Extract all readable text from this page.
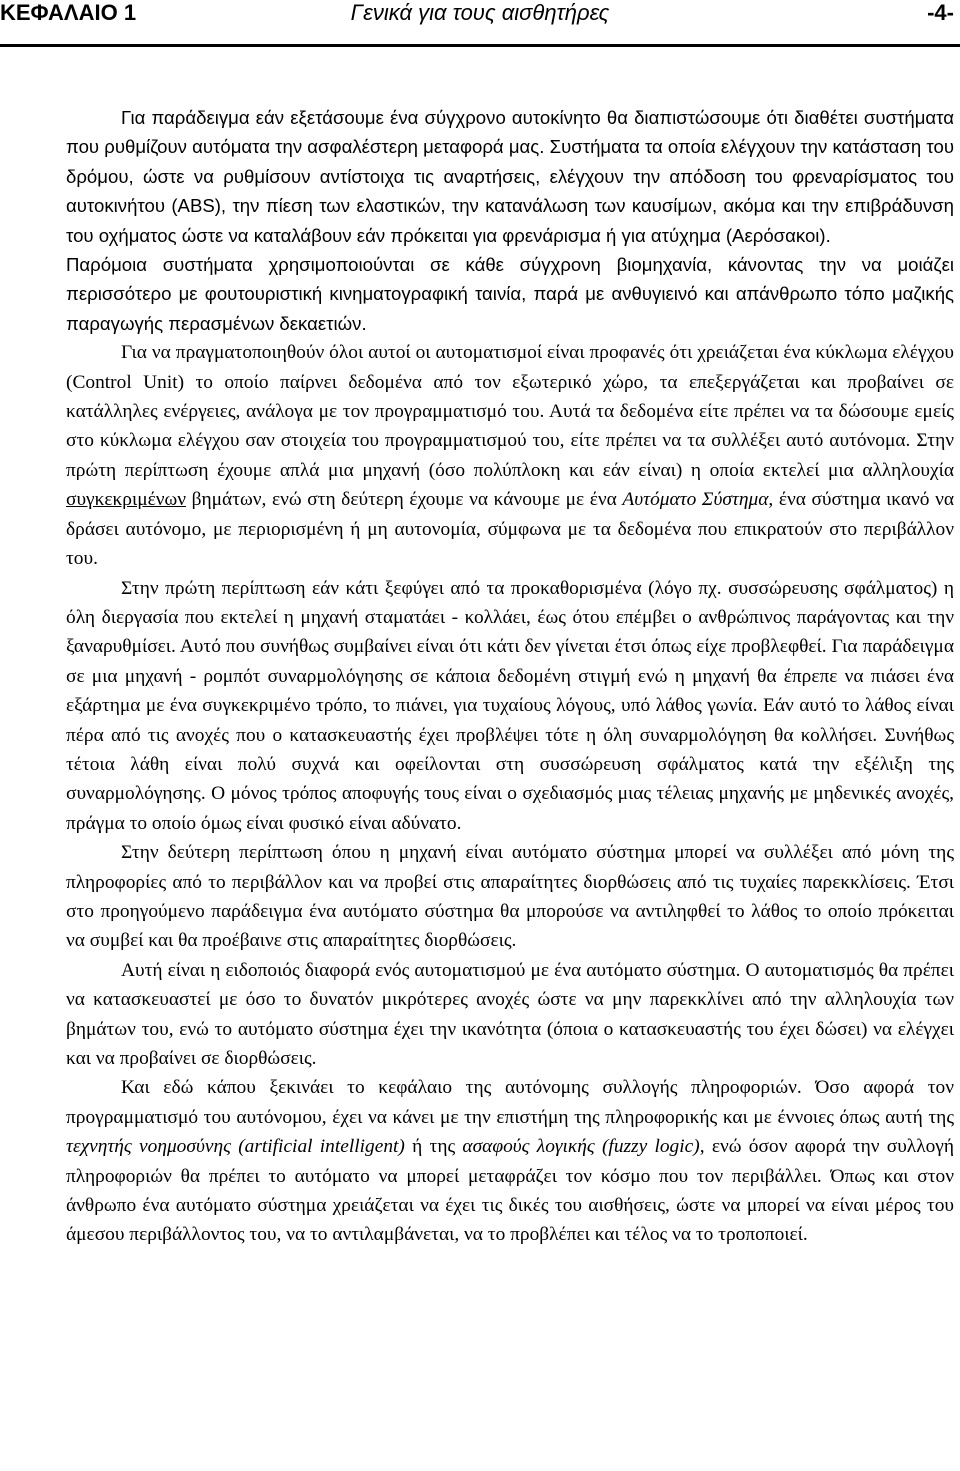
ΚΕΦΑΛΑΙΟ 1	Γενικά για τους αισθητήρες	-4-

Για παράδειγμα εάν εξετάσουμε ένα σύγχρονο αυτοκίνητο θα διαπιστώσουμε ότι διαθέτει συστήματα που ρυθμίζουν αυτόματα την ασφαλέστερη μεταφορά μας. Συστήματα τα οποία ελέγχουν την κατάσταση του δρόμου, ώστε να ρυθμίσουν αντίστοιχα τις αναρτήσεις, ελέγχουν την απόδοση του φρεναρίσματος του αυτοκινήτου (ABS), την πίεση των ελαστικών, την κατανάλωση των καυσίμων, ακόμα και την επιβράδυνση του οχήματος ώστε να καταλάβουν εάν πρόκειται για φρενάρισμα ή για ατύχημα (Αερόσακοι).

Παρόμοια συστήματα χρησιμοποιούνται σε κάθε σύγχρονη βιομηχανία, κάνοντας την να μοιάζει περισσότερο με φουτουριστική κινηματογραφική ταινία, παρά με ανθυγιεινό και απάνθρωπο τόπο μαζικής παραγωγής περασμένων δεκαετιών.

Για να πραγματοποιηθούν όλοι αυτοί οι αυτοματισμοί είναι προφανές ότι χρειάζεται ένα κύκλωμα ελέγχου (Control Unit) το οποίο παίρνει δεδομένα από τον εξωτερικό χώρο, τα επεξεργάζεται και προβαίνει σε κατάλληλες ενέργειες, ανάλογα με τον προγραμματισμό του. Αυτά τα δεδομένα είτε πρέπει να τα δώσουμε εμείς στο κύκλωμα ελέγχου σαν στοιχεία του προγραμματισμού του, είτε πρέπει να τα συλλέξει αυτό αυτόνομα. Στην πρώτη περίπτωση έχουμε απλά μια μηχανή (όσο πολύπλοκη και εάν είναι) η οποία εκτελεί μια αλληλουχία συγκεκριμένων βημάτων, ενώ στη δεύτερη έχουμε να κάνουμε με ένα Αυτόματο Σύστημα, ένα σύστημα ικανό να δράσει αυτόνομο, με περιορισμένη ή μη αυτονομία, σύμφωνα με τα δεδομένα που επικρατούν στο περιβάλλον του.

Στην πρώτη περίπτωση εάν κάτι ξεφύγει από τα προκαθορισμένα (λόγο πχ. συσσώρευσης σφάλματος) η όλη διεργασία που εκτελεί η μηχανή σταματάει - κολλάει, έως ότου επέμβει ο ανθρώπινος παράγοντας και την ξαναρυθμίσει. Αυτό που συνήθως συμβαίνει είναι ότι κάτι δεν γίνεται έτσι όπως είχε προβλεφθεί. Για παράδειγμα σε μια μηχανή - ρομπότ συναρμολόγησης σε κάποια δεδομένη στιγμή ενώ η μηχανή θα έπρεπε να πιάσει ένα εξάρτημα με ένα συγκεκριμένο τρόπο, το πιάνει, για τυχαίους λόγους, υπό λάθος γωνία. Εάν αυτό το λάθος είναι πέρα από τις ανοχές που ο κατασκευαστής έχει προβλέψει τότε η όλη συναρμολόγηση θα κολλήσει. Συνήθως τέτοια λάθη είναι πολύ συχνά και οφείλονται στη συσσώρευση σφάλματος κατά την εξέλιξη της συναρμολόγησης. Ο μόνος τρόπος αποφυγής τους είναι ο σχεδιασμός μιας τέλειας μηχανής με μηδενικές ανοχές, πράγμα το οποίο όμως είναι φυσικό είναι αδύνατο.

Στην δεύτερη περίπτωση όπου η μηχανή είναι αυτόματο σύστημα μπορεί να συλλέξει από μόνη της πληροφορίες από το περιβάλλον και να προβεί στις απαραίτητες διορθώσεις από τις τυχαίες παρεκκλίσεις. Έτσι στο προηγούμενο παράδειγμα ένα αυτόματο σύστημα θα μπορούσε να αντιληφθεί το λάθος το οποίο πρόκειται να συμβεί και θα προέβαινε στις απαραίτητες διορθώσεις.

Αυτή είναι η ειδοποιός διαφορά ενός αυτοματισμού με ένα αυτόματο σύστημα. Ο αυτοματισμός θα πρέπει να κατασκευαστεί με όσο το δυνατόν μικρότερες ανοχές ώστε να μην παρεκκλίνει από την αλληλουχία των βημάτων του, ενώ το αυτόματο σύστημα έχει την ικανότητα (όποια ο κατασκευαστής του έχει δώσει) να ελέγχει και να προβαίνει σε διορθώσεις.

Και εδώ κάπου ξεκινάει το κεφάλαιο της αυτόνομης συλλογής πληροφοριών. Όσο αφορά τον προγραμματισμό του αυτόνομου, έχει να κάνει με την επιστήμη της πληροφορικής και με έννοιες όπως αυτή της τεχνητής νοημοσύνης (artificial intelligent) ή της ασαφούς λογικής (fuzzy logic), ενώ όσον αφορά την συλλογή πληροφοριών θα πρέπει το αυτόματο να μπορεί μεταφράζει τον κόσμο που τον περιβάλλει. Όπως και στον άνθρωπο ένα αυτόματο σύστημα χρειάζεται να έχει τις δικές του αισθήσεις, ώστε να μπορεί να είναι μέρος του άμεσου περιβάλλοντος του, να το αντιλαμβάνεται, να το προβλέπει και τέλος να το τροποποιεί.
